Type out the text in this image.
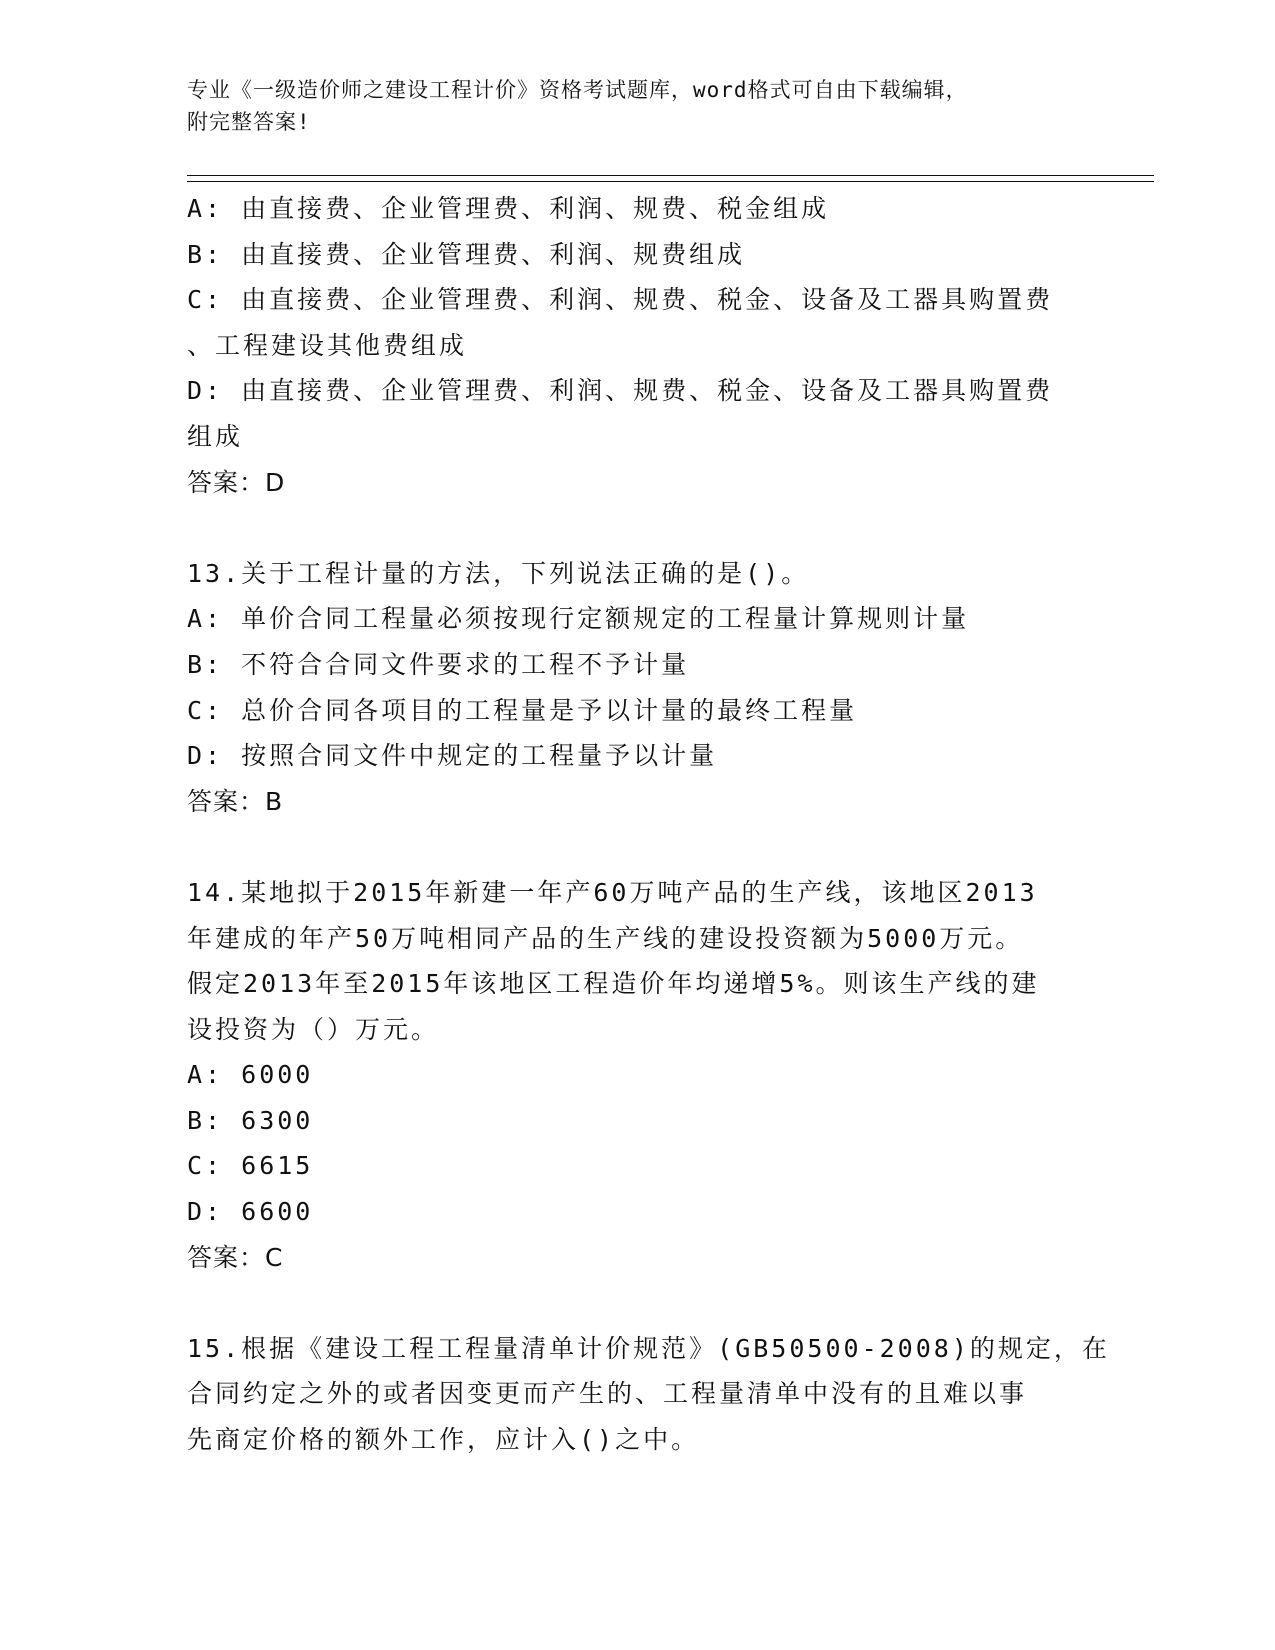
专业《一级造价师之建设工程计价》资格考试题库，word格式可自由下载编辑，
附完整答案!
A: 由直接费、企业管理费、利润、规费、税金组成
B: 由直接费、企业管理费、利润、规费组成
C: 由直接费、企业管理费、利润、规费、税金、设备及工器具购置费
、工程建设其他费组成
D: 由直接费、企业管理费、利润、规费、税金、设备及工器具购置费
组成
答案：D
13.关于工程计量的方法，下列说法正确的是()。
A: 单价合同工程量必须按现行定额规定的工程量计算规则计量
B: 不符合合同文件要求的工程不予计量
C: 总价合同各项目的工程量是予以计量的最终工程量
D: 按照合同文件中规定的工程量予以计量
答案：B
14.某地拟于2015年新建一年产60万吨产品的生产线，该地区2013
年建成的年产50万吨相同产品的生产线的建设投资额为5000万元。
假定2013年至2015年该地区工程造价年均递增5%。则该生产线的建
设投资为（）万元。
A: 6000
B: 6300
C: 6615
D: 6600
答案：C
15.根据《建设工程工程量清单计价规范》(GB50500-2008)的规定，在
合同约定之外的或者因变更而产生的、工程量清单中没有的且难以事
先商定价格的额外工作，应计入()之中。
